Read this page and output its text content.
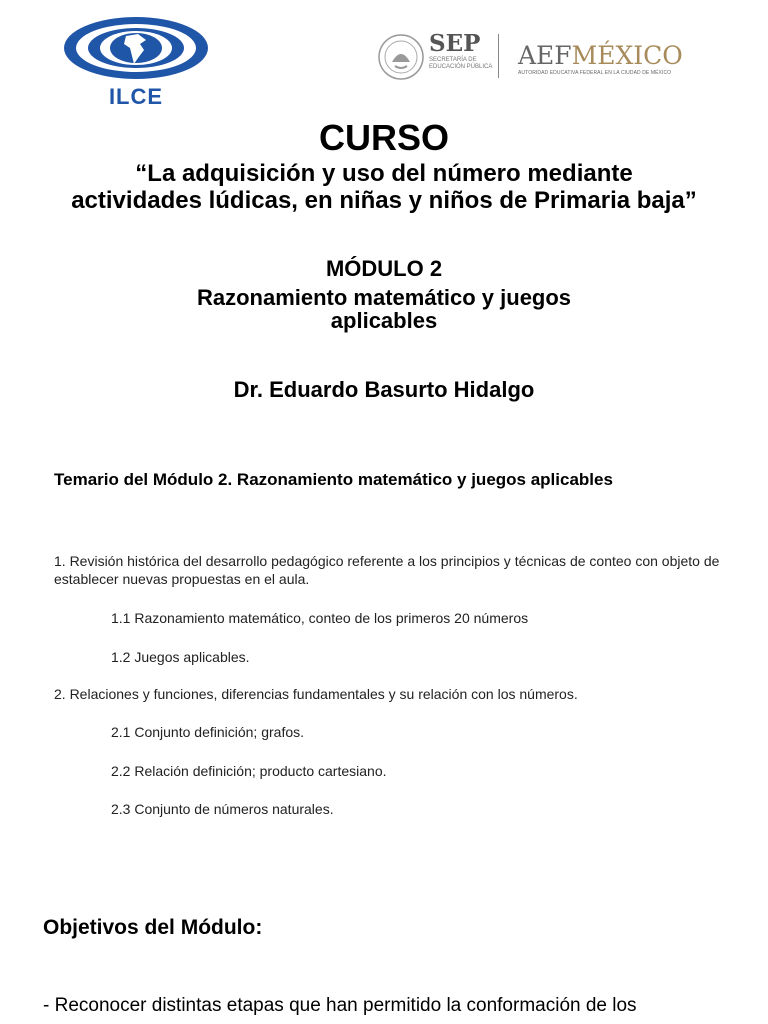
ILCE
SEP
SECRETARÍA DE EDUCACIÓN PÚBLICA AEFMÉXICO
AUTORIDAD EDUCATIVA FEDERAL EN LA CIUDAD DE MÉXICO
CURSO
“La adquisición y uso del número mediante
actividades lúdicas, en niñas y niños de Primaria baja”
MÓDULO 2
Razonamiento matemático y juegos aplicables
Dr. Eduardo Basurto Hidalgo
Temario del Módulo 2. Razonamiento matemático y juegos aplicables
1. Revisión histórica del desarrollo pedagógico referente a los principios y técnicas de conteo con objeto de establecer nuevas propuestas en el aula.
1.1 Razonamiento matemático, conteo de los primeros 20 números
1.2 Juegos aplicables.
2. Relaciones y funciones, diferencias fundamentales y su relación con los números.
2.1 Conjunto definición; grafos.
2.2 Relación definición; producto cartesiano.
2.3 Conjunto de números naturales.
Objetivos del Módulo:
- Reconocer distintas etapas que han permitido la conformación de los
